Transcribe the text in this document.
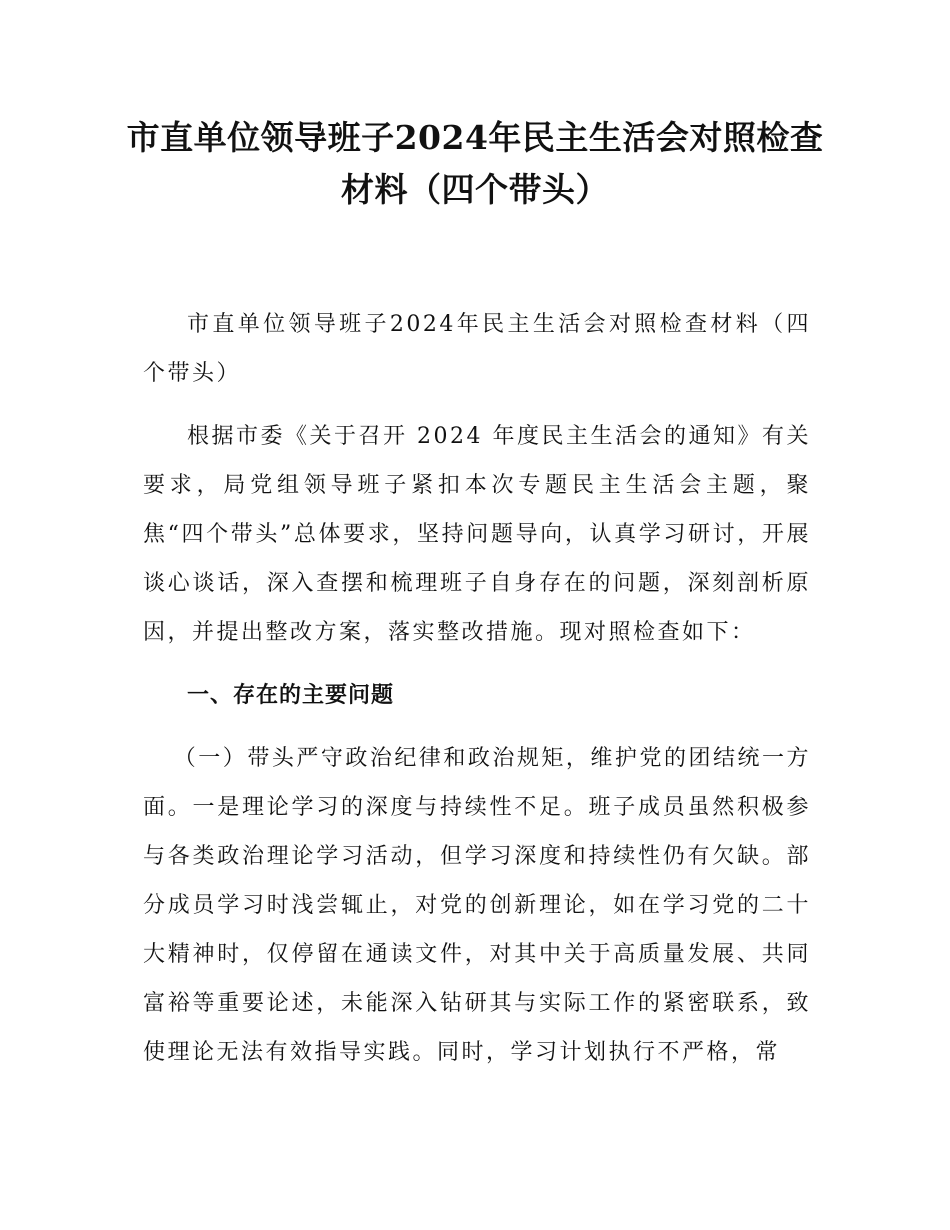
市直单位领导班子2024年民主生活会对照检查材料（四个带头）

市直单位领导班子2024年民主生活会对照检查材料（四个带头）

根据市委《关于召开 2024 年度民主生活会的通知》有关要求，局党组领导班子紧扣本次专题民主生活会主题，聚焦“四个带头”总体要求，坚持问题导向，认真学习研讨，开展谈心谈话，深入查摆和梳理班子自身存在的问题，深刻剖析原因，并提出整改方案，落实整改措施。现对照检查如下：

一、存在的主要问题

（一）带头严守政治纪律和政治规矩，维护党的团结统一方面。一是理论学习的深度与持续性不足。班子成员虽然积极参与各类政治理论学习活动，但学习深度和持续性仍有欠缺。部分成员学习时浅尝辄止，对党的创新理论，如在学习党的二十大精神时，仅停留在通读文件，对其中关于高质量发展、共同富裕等重要论述，未能深入钻研其与实际工作的紧密联系，致使理论无法有效指导实践。同时，学习计划执行不严格，常
